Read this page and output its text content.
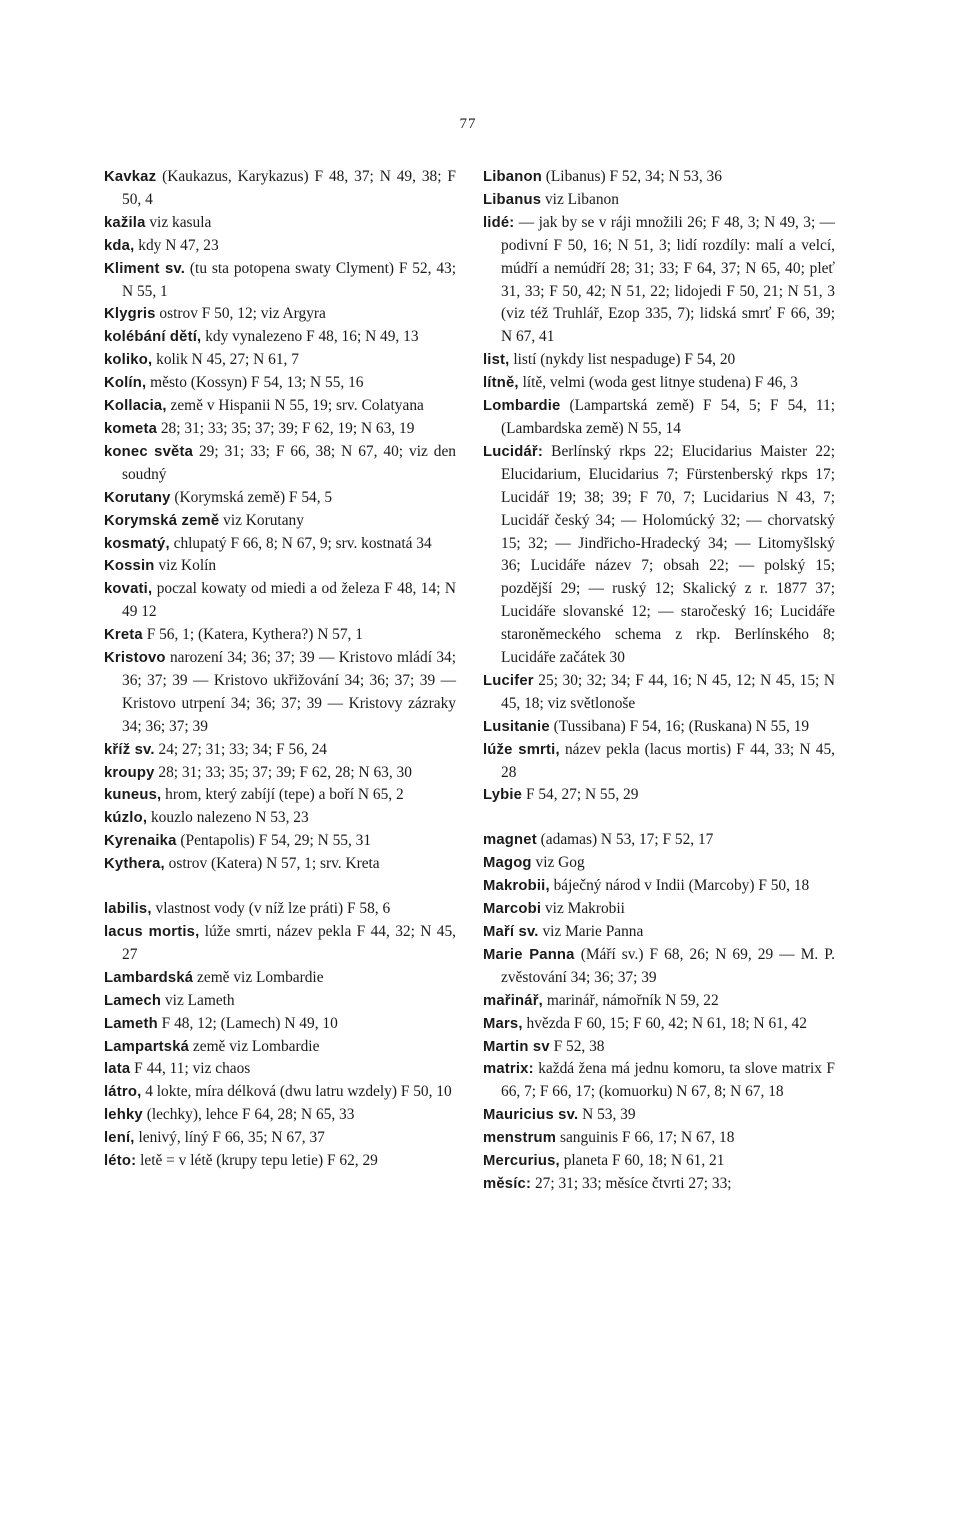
77

Kavkaz (Kaukazus, Karykazus) F 48, 37; N 49, 38; F 50, 4

kažila viz kasula

kda, kdy N 47, 23

Kliment sv. (tu sta potopena swaty Clyment) F 52, 43; N 55, 1

Klygris ostrov F 50, 12; viz Argyra

kolébání dětí, kdy vynalezeno F 48, 16; N 49, 13

koliko, kolik N 45, 27; N 61, 7

Kolín, město (Kossyn) F 54, 13; N 55, 16

Kollacia, země v Hispanii N 55, 19; srv. Colatyana

kometa 28; 31; 33; 35; 37; 39; F 62, 19; N 63, 19

konec světa 29; 31; 33; F 66, 38; N 67, 40; viz den soudný

Korutany (Korymská země) F 54, 5

Korymská země viz Korutany

kosmatý, chlupatý F 66, 8; N 67, 9; srv. kostnatá 34

Kossin viz Kolín

kovati, poczal kowaty od miedi a od železa F 48, 14; N 49 12

Kreta F 56, 1; (Katera, Kythera?) N 57, 1

Kristovo narození 34; 36; 37; 39 — Kristovo mládí 34; 36; 37; 39 — Kristovo ukřižování 34; 36; 37; 39 — Kristovo utrpení 34; 36; 37; 39 — Kristovy zázraky 34; 36; 37; 39

kříž sv. 24; 27; 31; 33; 34; F 56, 24

kroupy 28; 31; 33; 35; 37; 39; F 62, 28; N 63, 30

kuneus, hrom, který zabíjí (tepe) a boří N 65, 2

kúzlo, kouzlo nalezeno N 53, 23

Kyrenaika (Pentapolis) F 54, 29; N 55, 31

Kythera, ostrov (Katera) N 57, 1; srv. Kreta

labilis, vlastnost vody (v níž lze práti) F 58, 6

lacus mortis, lúže smrti, název pekla F 44, 32; N 45, 27

Lambardská země viz Lombardie

Lamech viz Lameth

Lameth F 48, 12; (Lamech) N 49, 10

Lampartská země viz Lombardie

lata F 44, 11; viz chaos

látro, 4 lokte, míra délková (dwu latru wzdely) F 50, 10

lehky (lechky), lehce F 64, 28; N 65, 33

lení, lenivý, líný F 66, 35; N 67, 37

léto: letě = v létě (krupy tepu letie) F 62, 29

Libanon (Libanus) F 52, 34; N 53, 36

Libanus viz Libanon

lidé: — jak by se v ráji množili 26; F 48, 3; N 49, 3; — podivní F 50, 16; N 51, 3; lidí rozdíly: malí a velcí, múdří a nemúdří 28; 31; 33; F 64, 37; N 65, 40; pleť 31, 33; F 50, 42; N 51, 22; lidojedi F 50, 21; N 51, 3 (viz též Truhlář, Ezop 335, 7); lidská smrť F 66, 39; N 67, 41

list, listí (nykdy list nespaduge) F 54, 20

lítně, lítě, velmi (woda gest litnye studena) F 46, 3

Lombardie (Lampartská země) F 54, 5; F 54, 11; (Lambardska země) N 55, 14

Lucidář: Berlínský rkps 22; Elucidarius Maister 22; Elucidarium, Elucidarius 7; Fürstenberský rkps 17; Lucidář 19; 38; 39; F 70, 7; Lucidarius N 43, 7; Lucidář český 34; — Holomúcký 32; — chorvatský 15; 32; — Jindřicho-Hradecký 34; — Litomyšlský 36; Lucidáře název 7; obsah 22; — polský 15; pozdější 29; — ruský 12; Skalický z r. 1877 37; Lucidáře slovanské 12; — staročeský 16; Lucidáře staroněmeckého schema z rkp. Berlínského 8; Lucidáře začátek 30

Lucifer 25; 30; 32; 34; F 44, 16; N 45, 12; N 45, 15; N 45, 18; viz světlonoše

Lusitanie (Tussibana) F 54, 16; (Ruskana) N 55, 19

lúže smrti, název pekla (lacus mortis) F 44, 33; N 45, 28

Lybie F 54, 27; N 55, 29

magnet (adamas) N 53, 17; F 52, 17

Magog viz Gog

Makrobii, báječný národ v Indii (Marcoby) F 50, 18

Marcobi viz Makrobii

Maří sv. viz Marie Panna

Marie Panna (Máří sv.) F 68, 26; N 69, 29 — M. P. zvěstování 34; 36; 37; 39

mařinář, marinář, námořník N 59, 22

Mars, hvězda F 60, 15; F 60, 42; N 61, 18; N 61, 42

Martin sv F 52, 38

matrix: každá žena má jednu komoru, ta slove matrix F 66, 7; F 66, 17; (komuorku) N 67, 8; N 67, 18

Mauricius sv. N 53, 39

menstrum sanguinis F 66, 17; N 67, 18

Mercurius, planeta F 60, 18; N 61, 21

měsíc: 27; 31; 33; měsíce čtvrti 27; 33;
